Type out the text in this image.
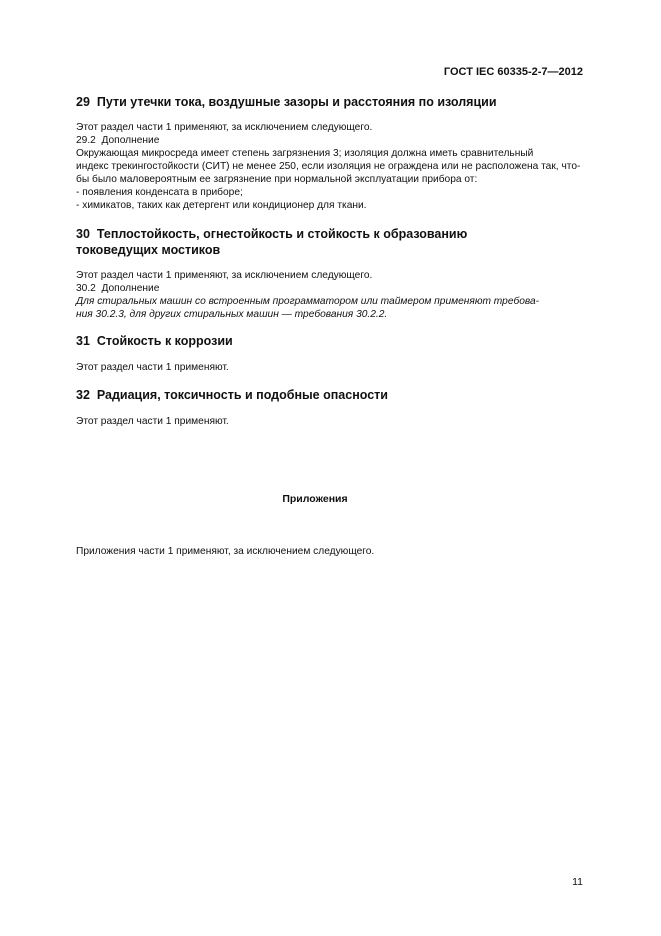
ГОСТ IEC 60335-2-7—2012
29 Пути утечки тока, воздушные зазоры и расстояния по изоляции
Этот раздел части 1 применяют, за исключением следующего.
29.2 Дополнение
Окружающая микросреда имеет степень загрязнения 3; изоляция должна иметь сравнительный
индекс трекингостойкости (СИТ) не менее 250, если изоляция не ограждена или не расположена так, что-
бы было маловероятным ее загрязнение при нормальной эксплуатации прибора от:
- появления конденсата в приборе;
- химикатов, таких как детергент или кондиционер для ткани.
30 Теплостойкость, огнестойкость и стойкость к образованию
токоведущих мостиков
Этот раздел части 1 применяют, за исключением следующего.
30.2 Дополнение
Для стиральных машин со встроенным программатором или таймером применяют требова-
ния 30.2.3, для других стиральных машин — требования 30.2.2.
31 Стойкость к коррозии
Этот раздел части 1 применяют.
32 Радиация, токсичность и подобные опасности
Этот раздел части 1 применяют.
Приложения
Приложения части 1 применяют, за исключением следующего.
11
